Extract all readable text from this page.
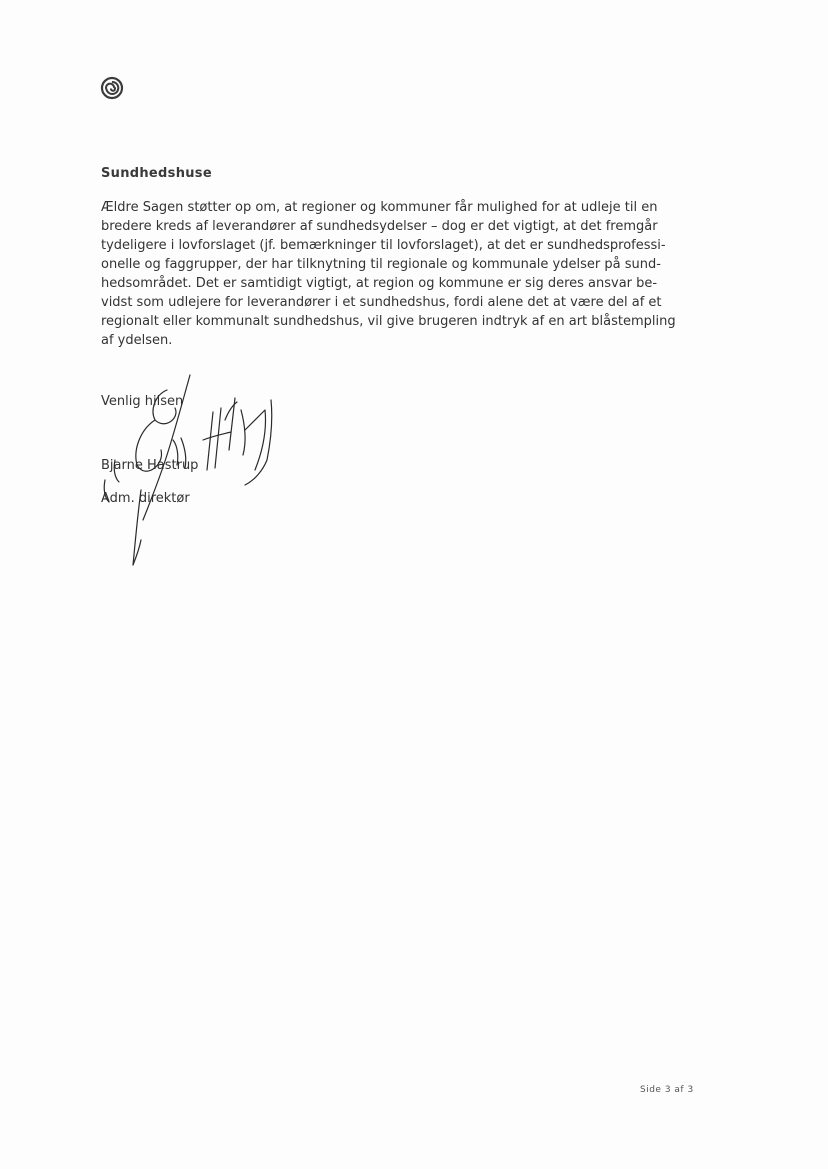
Sundhedshuse
Ældre Sagen støtter op om, at regioner og kommuner får mulighed for at udleje til en
bredere kreds af leverandører af sundhedsydelser – dog er det vigtigt, at det fremgår
tydeligere i lovforslaget (jf. bemærkninger til lovforslaget), at det er sundhedsprofessi-
onelle og faggrupper, der har tilknytning til regionale og kommunale ydelser på sund-
hedsområdet. Det er samtidigt vigtigt, at region og kommune er sig deres ansvar be-
vidst som udlejere for leverandører i et sundhedshus, fordi alene det at være del af et
regionalt eller kommunalt sundhedshus, vil give brugeren indtryk af en art blåstempling
af ydelsen.
Venlig hilsen
Bjarne Hastrup
Adm. direktør
Side 3 af 3
